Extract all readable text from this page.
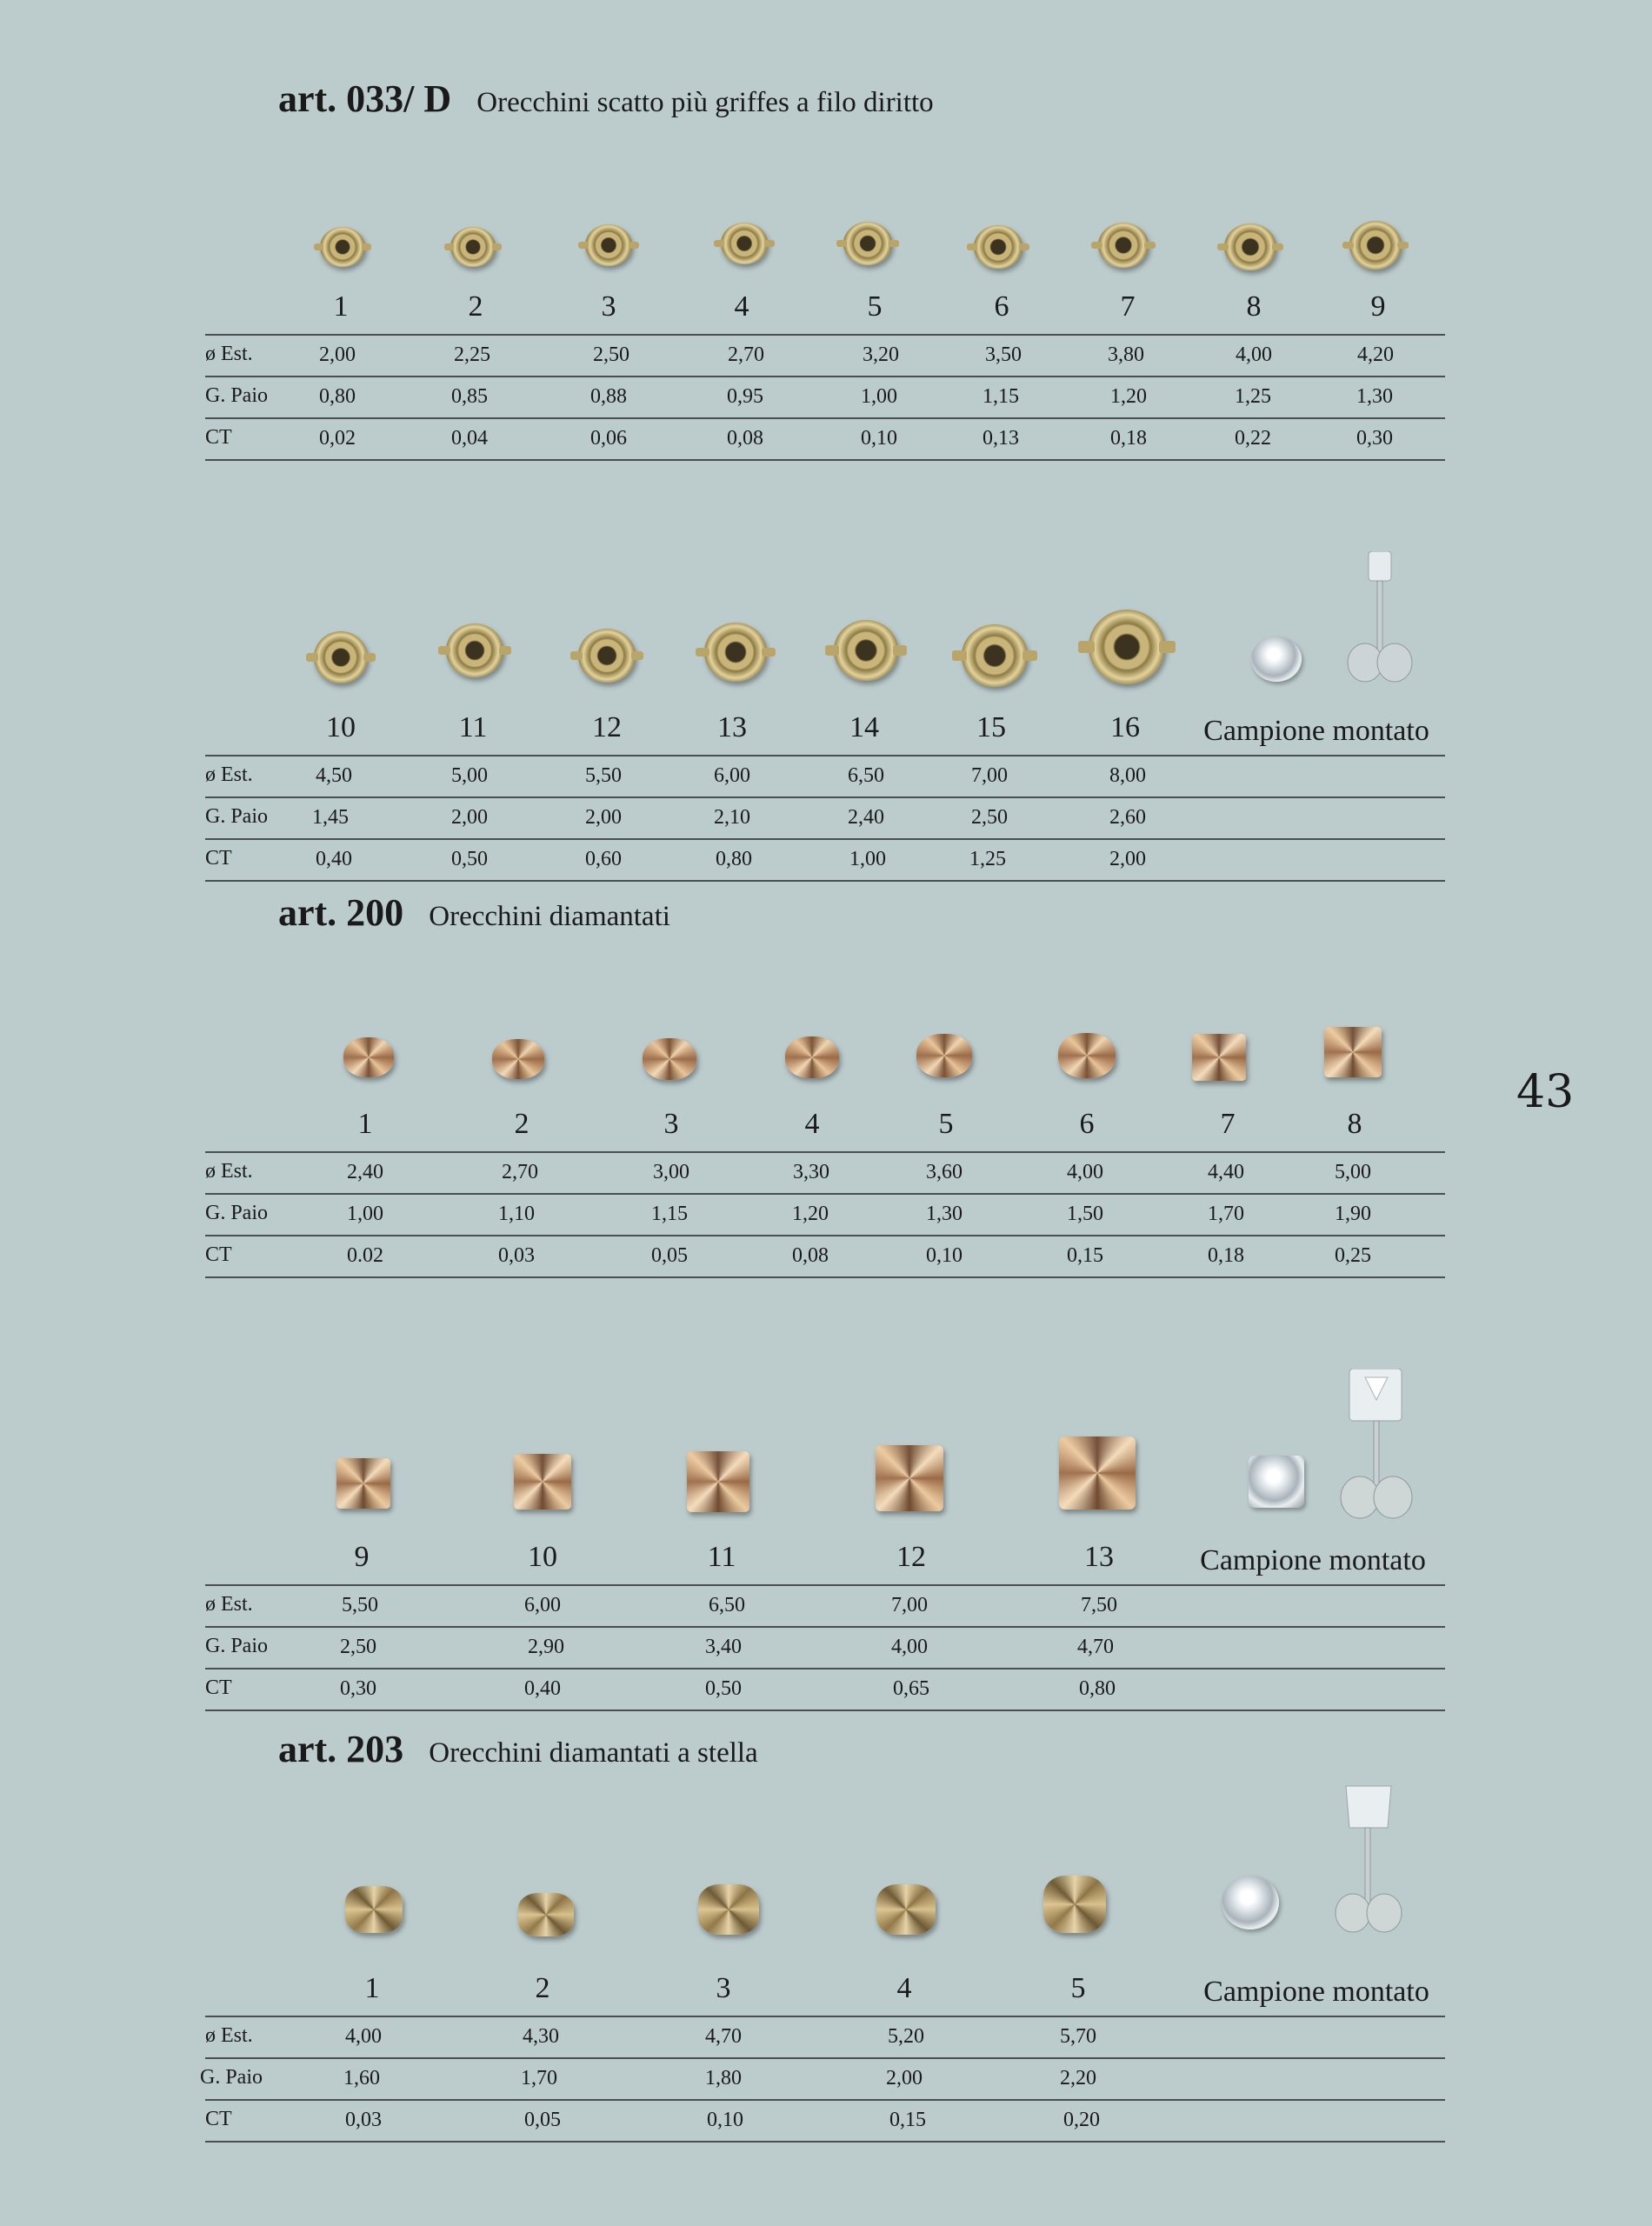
art. 033/ D Orecchini scatto più griffes a filo diritto
1	2	3	4	5	6	7	8	9
ø Est.	2,00	2,25	2,50	2,70	3,20	3,50	3,80	4,00	4,20
G. Paio 0,80	0,85	0,88	0,95	1,00	1,15	1,20	1,25	1,30
CT	0,02	0,04	0,06	0,08	0,10	0,13	0,18	0,22	0,30
10	11	12	13	14	15	16 Campione montato
ø Est.	4,50	5,00	5,50	6,00	6,50	7,00	8,00
G. Paio 1,45	2,00	2,00	2,10	2,40	2,50	2,60
CT	0,40	0,50	0,60	0,80	1,00	1,25	2,00
art. 200 Orecchini diamantati
1	2	3	4	5	6	7	8
ø Est.	2,40	2,70	3,00	3,30	3,60	4,00	4,40	5,00
G. Paio	1,00	1,10	1,15	1,20	1,30	1,50	1,70	1,90
CT	0.02	0,03	0,05	0,08	0,10	0,15	0,18	0,25
43
9	10	11	12	13	Campione montato
ø Est.	5,50	6,00	6,50	7,00	7,50
G. Paio	2,50	2,90	3,40	4,00	4,70
CT	0,30	0,40	0,50	0,65	0,80
art. 203 Orecchini diamantati a stella
1	2	3	4	5	Campione montato
ø Est.	4,00	4,30	4,70	5,20	5,70
G. Paio	1,60	1,70	1,80	2,00	2,20
CT	0,03	0,05	0,10	0,15	0,20
